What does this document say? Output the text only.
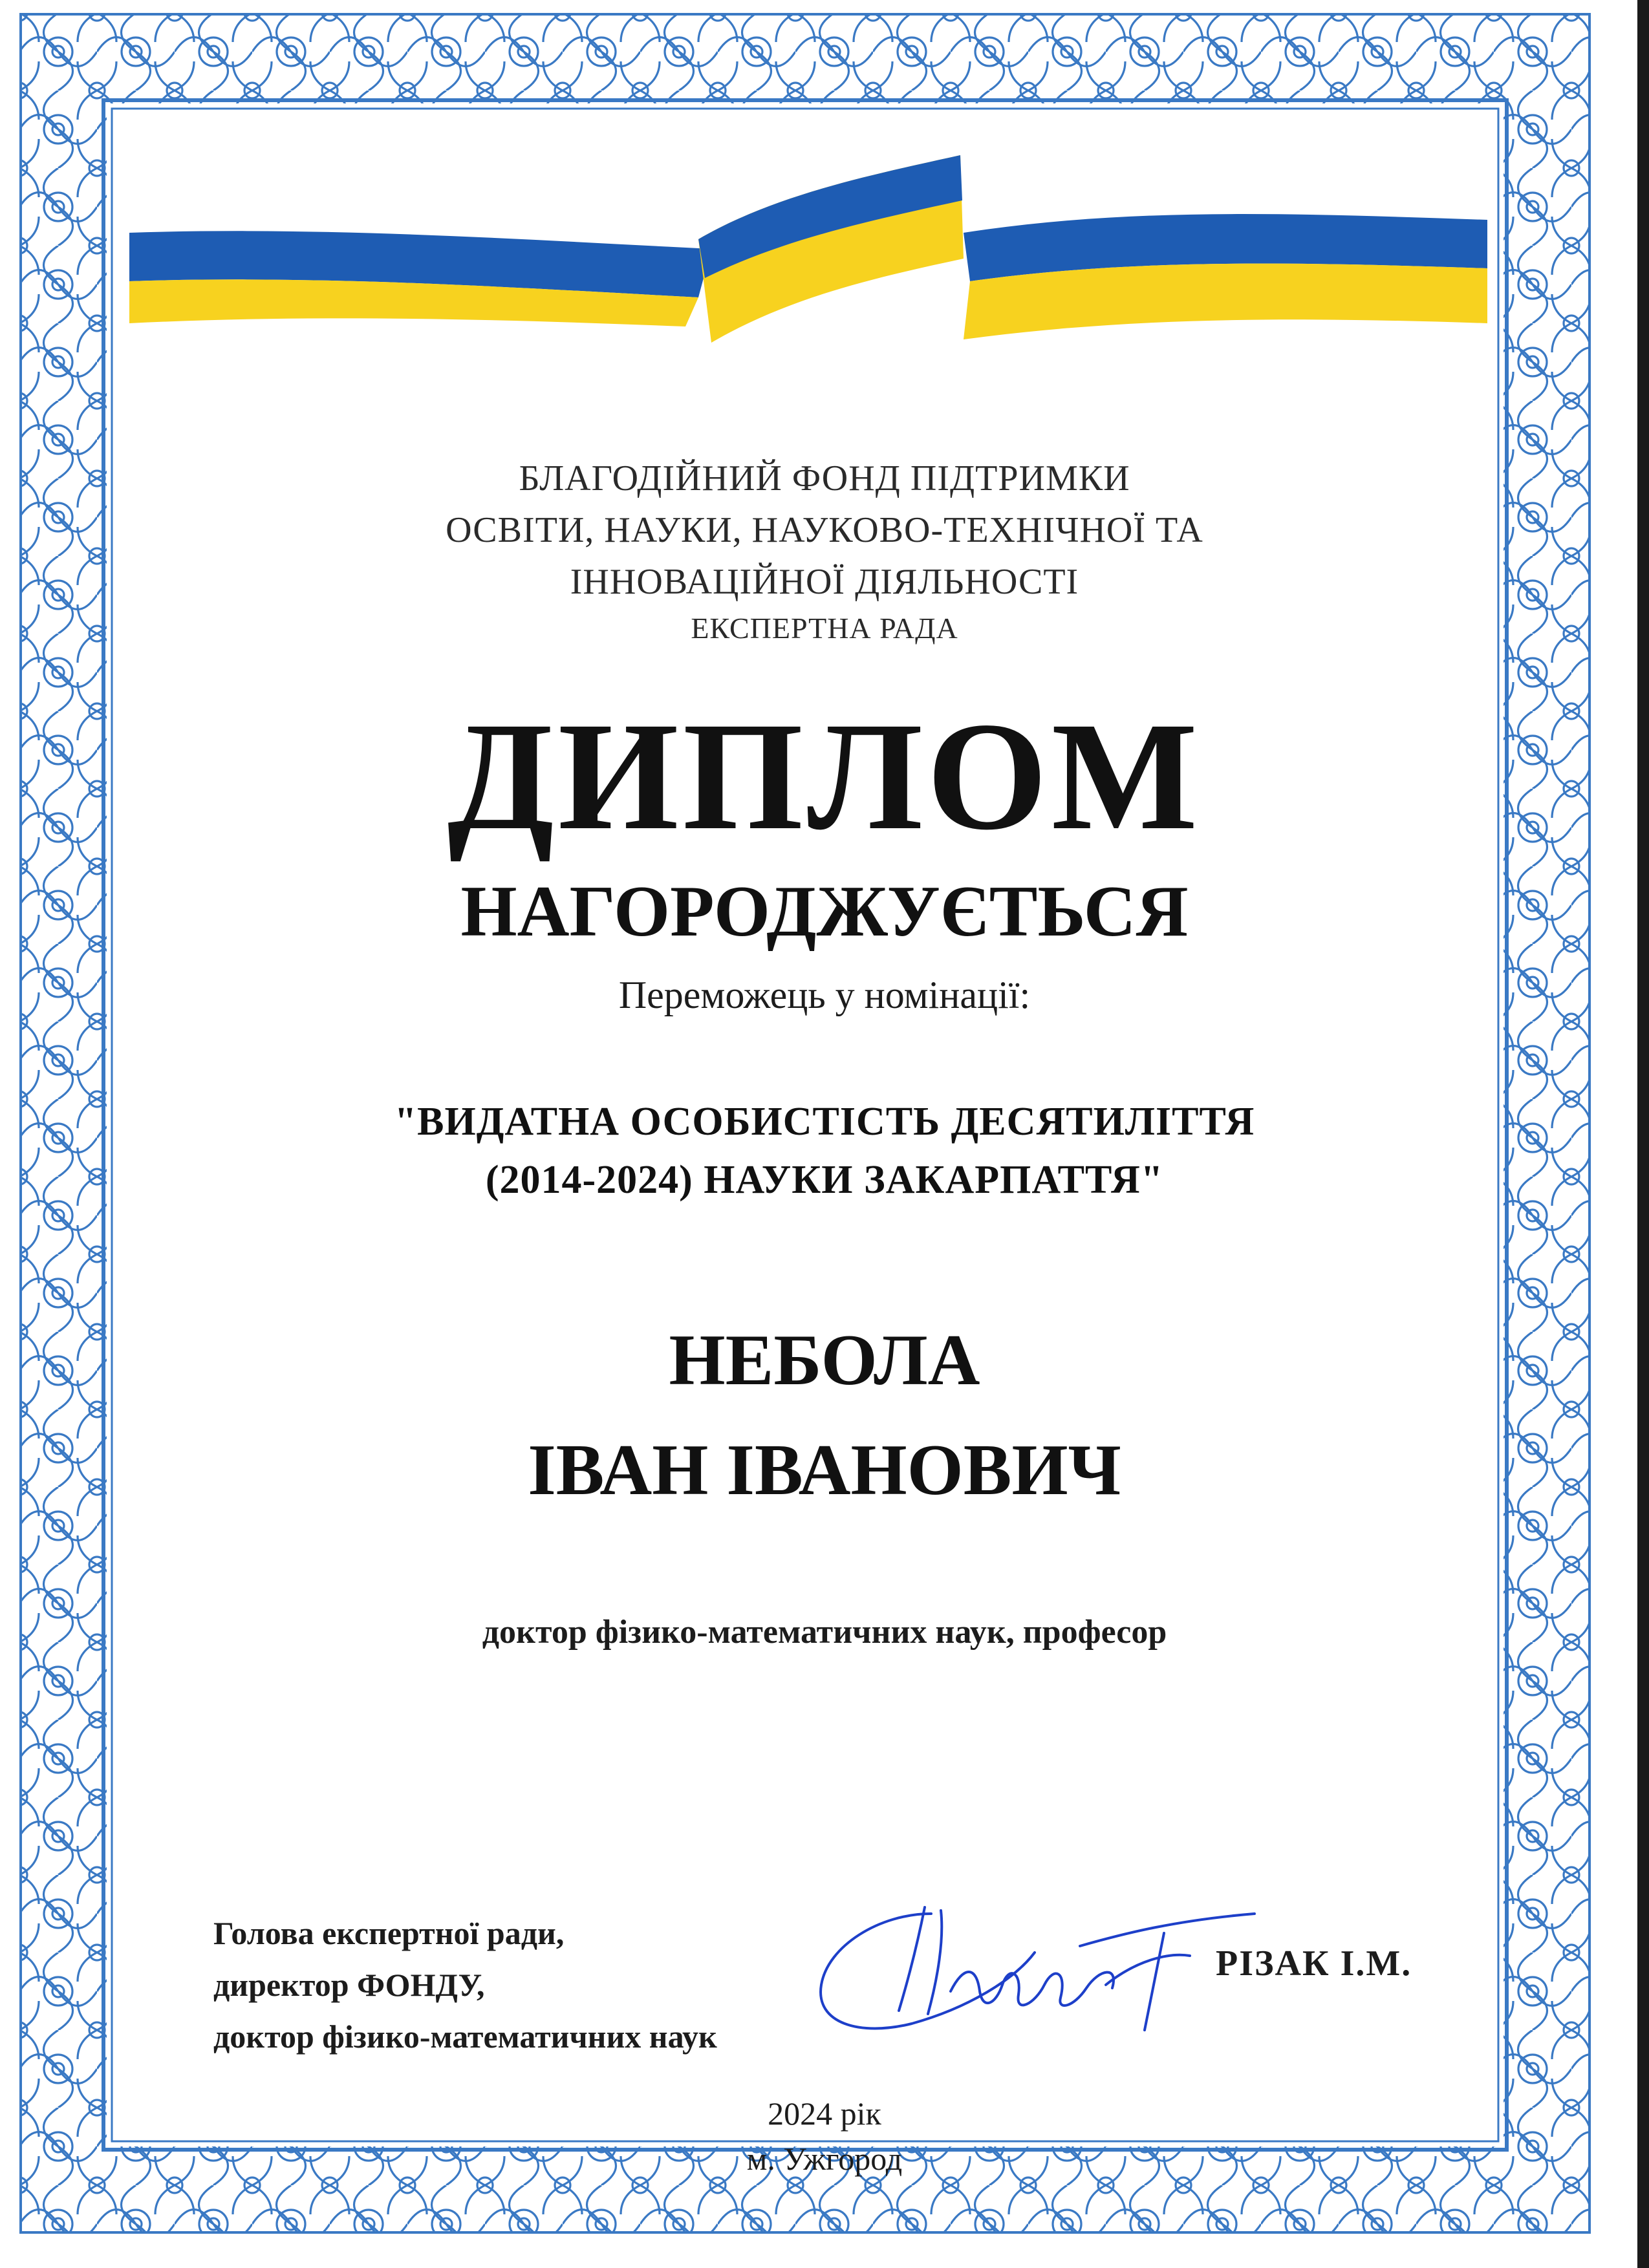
БЛАГОДІЙНИЙ ФОНД ПІДТРИМКИ
ОСВІТИ, НАУКИ, НАУКОВО-ТЕХНІЧНОЇ ТА
ІННОВАЦІЙНОЇ ДІЯЛЬНОСТІ
ЕКСПЕРТНА РАДА
ДИПЛОМ
НАГОРОДЖУЄТЬСЯ
Переможець у номінації:
"ВИДАТНА ОСОБИСТІСТЬ ДЕСЯТИЛІТТЯ
(2014-2024) НАУКИ ЗАКАРПАТТЯ"
НЕБОЛА
ІВАН ІВАНОВИЧ
доктор фізико-математичних наук, професор
Голова експертної ради,
директор ФОНДУ,
доктор фізико-математичних наук
РІЗАК І.М.
2024 рік
м. Ужгород
